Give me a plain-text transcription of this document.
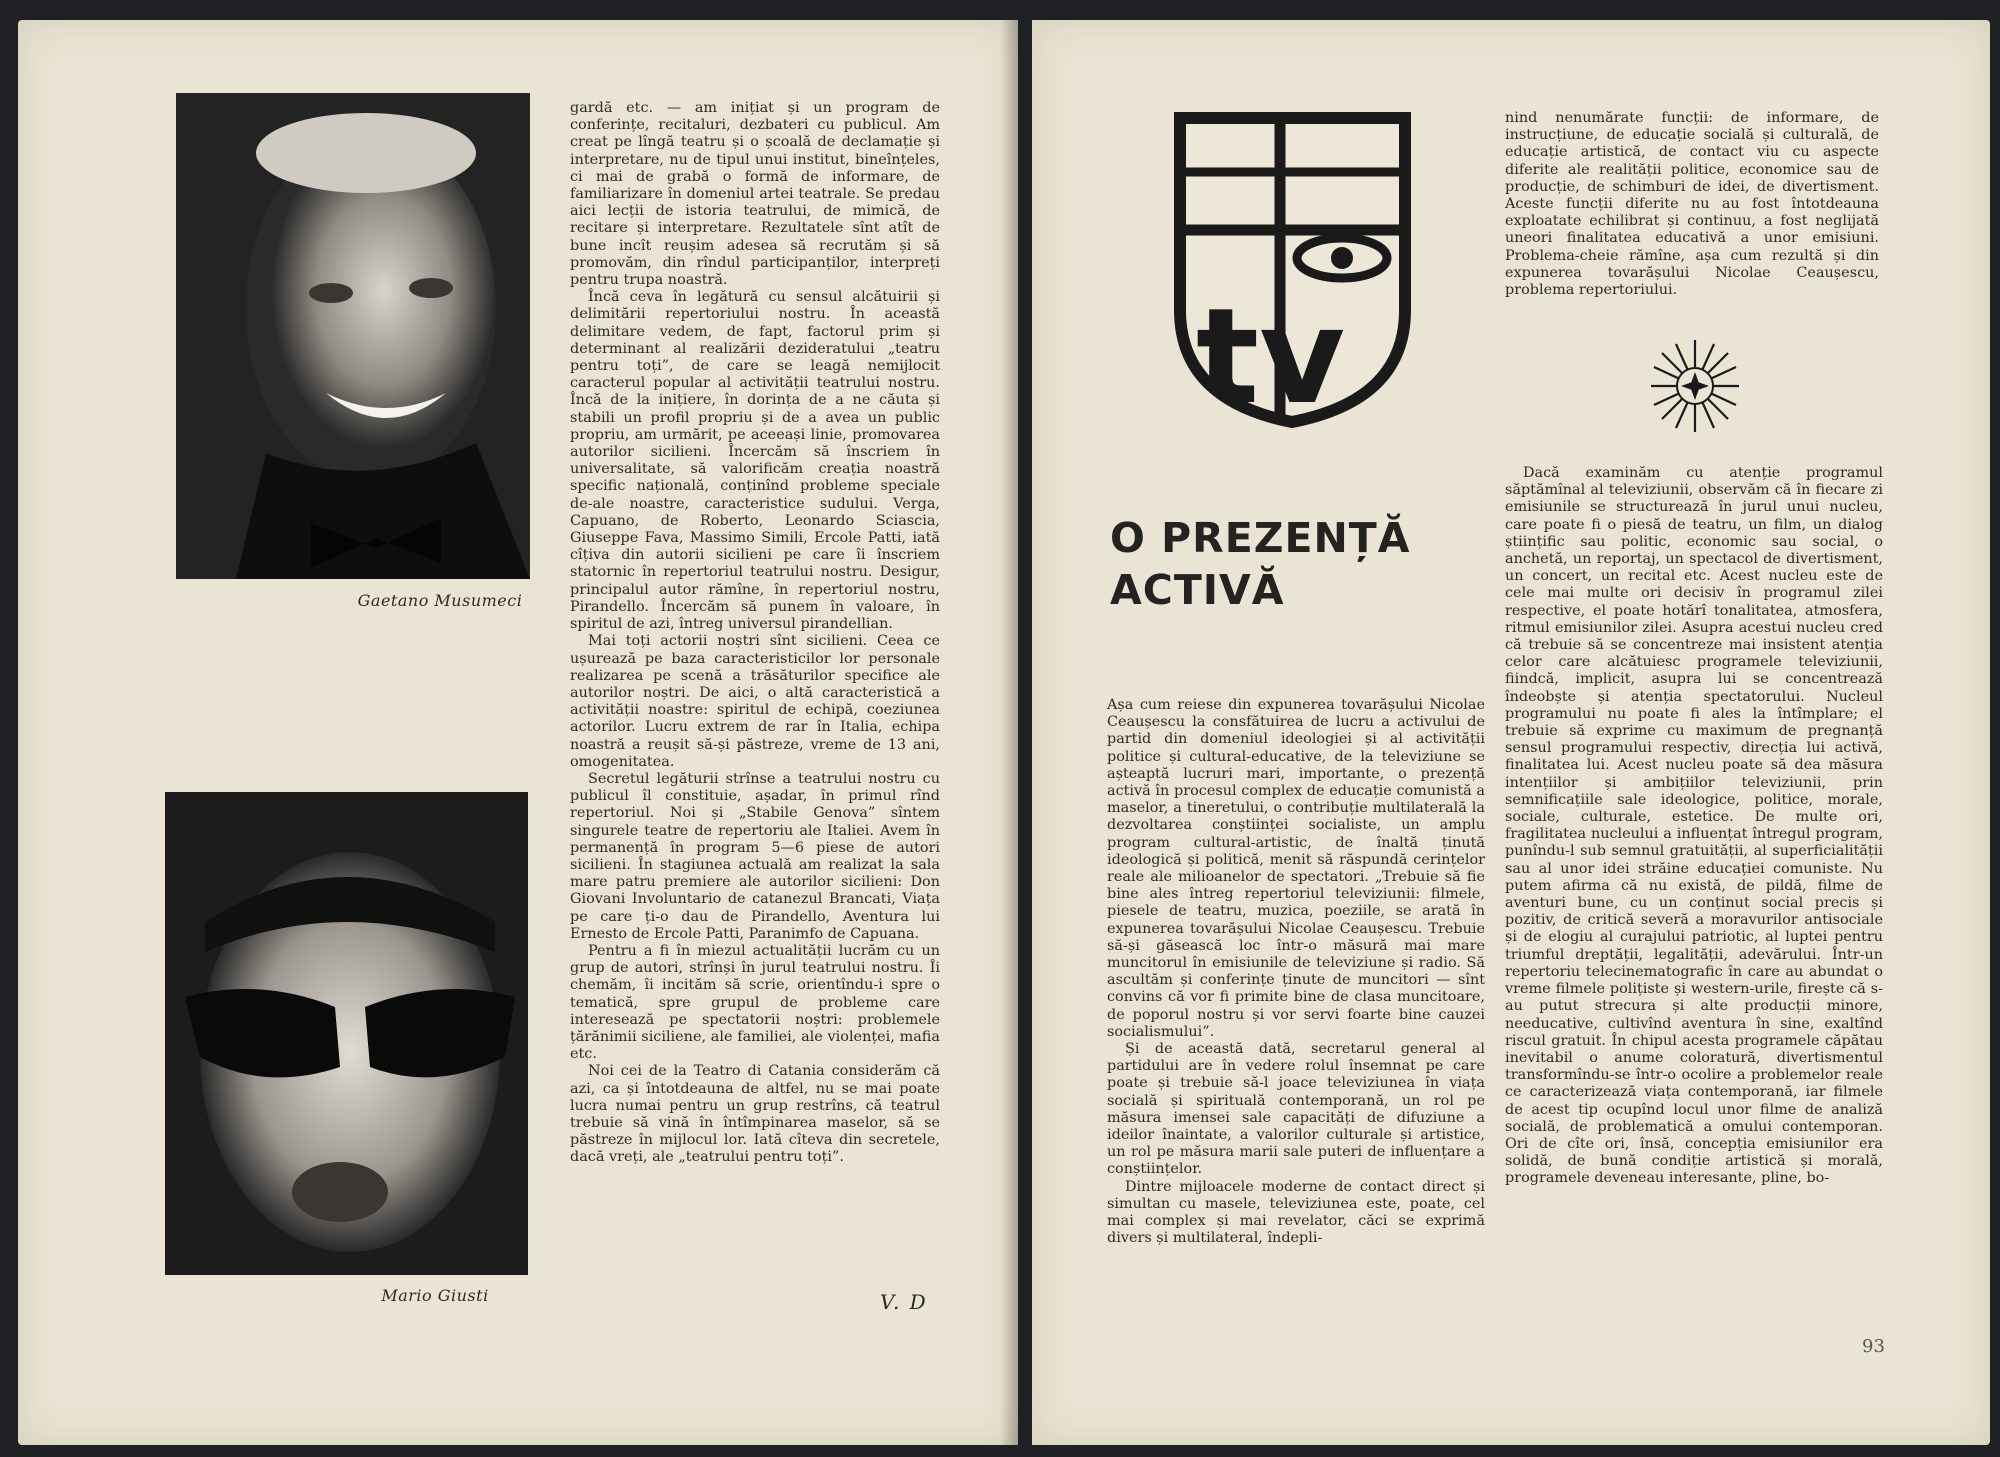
Gaetano Musumeci
Mario Giusti

gardă etc. — am inițiat și un program de conferințe, recitaluri, dezbateri cu publicul. Am creat pe lîngă teatru și o școală de declamație și interpretare, nu de tipul unui institut, bineînțeles, ci mai de grabă o formă de informare, de familiarizare în domeniul artei teatrale. Se predau aici lecții de istoria teatrului, de mimică, de recitare și interpretare. Rezultatele sînt atît de bune incît reușim adesea să recrutăm și să promovăm, din rîndul participanților, interpreți pentru trupa noastră.

Încă ceva în legătură cu sensul alcătuirii și delimitării repertoriului nostru. În această delimitare vedem, de fapt, factorul prim și determinant al realizării dezideratului „teatru pentru toți”, de care se leagă nemijlocit caracterul popular al activității teatrului nostru. Încă de la inițiere, în dorința de a ne căuta și stabili un profil propriu și de a avea un public propriu, am urmărit, pe aceeași linie, promovarea autorilor sicilieni. Încercăm să înscriem în universalitate, să valorificăm creația noastră specific națională, conținînd probleme speciale de-ale noastre, caracteristice sudului. Verga, Capuano, de Roberto, Leonardo Sciascia, Giuseppe Fava, Massimo Simili, Ercole Patti, iată cîțiva din autorii sicilieni pe care îi înscriem statornic în repertoriul teatrului nostru. Desigur, principalul autor rămîne, în repertoriul nostru, Pirandello. Încercăm să punem în valoare, în spiritul de azi, întreg universul pirandellian.

Mai toți actorii noștri sînt sicilieni. Ceea ce ușurează pe baza caracteristicilor lor personale realizarea pe scenă a trăsăturilor specifice ale autorilor noștri. De aici, o altă caracteristică a activității noastre: spiritul de echipă, coeziunea actorilor. Lucru extrem de rar în Italia, echipa noastră a reușit să-și păstreze, vreme de 13 ani, omogenitatea.

Secretul legăturii strînse a teatrului nostru cu publicul îl constituie, așadar, în primul rînd repertoriul. Noi și „Stabile Genova” sîntem singurele teatre de repertoriu ale Italiei. Avem în permanență în program 5—6 piese de autori sicilieni. În stagiunea actuală am realizat la sala mare patru premiere ale autorilor sicilieni: Don Giovani Involuntario de catanezul Brancati, Viața pe care ți-o dau de Pirandello, Aventura lui Ernesto de Ercole Patti, Paranimfo de Capuana.

Pentru a fi în miezul actualității lucrăm cu un grup de autori, strînși în jurul teatrului nostru. Îi chemăm, îi incităm să scrie, orientîndu-i spre o tematică, spre grupul de probleme care interesează pe spectatorii noștri: problemele țărănimii siciliene, ale familiei, ale violenței, mafia etc.

Noi cei de la Teatro di Catania considerăm că azi, ca și întotdeauna de altfel, nu se mai poate lucra numai pentru un grup restrîns, că teatrul trebuie să vină în întîmpinarea maselor, să se păstreze în mijlocul lor. Iată cîteva din secretele, dacă vreți, ale „teatrului pentru toți”.

V. D
tv
O PREZENȚĂ
ACTIVĂ

nind nenumărate funcții: de informare, de instrucțiune, de educație socială și culturală, de educație artistică, de contact viu cu aspecte diferite ale realității politice, economice sau de producție, de schimburi de idei, de divertisment. Aceste funcții diferite nu au fost întotdeauna exploatate echilibrat și continuu, a fost neglijată uneori finalitatea educativă a unor emisiuni. Problema-cheie rămîne, așa cum rezultă și din expunerea tovarășului Nicolae Ceaușescu, problema repertoriului.

Așa cum reiese din expunerea tovarășului Nicolae Ceaușescu la consfătuirea de lucru a activului de partid din domeniul ideologiei și al activității politice și cultural-educative, de la televiziune se așteaptă lucruri mari, importante, o prezență activă în procesul complex de educație comunistă a maselor, a tineretului, o contribuție multilaterală la dezvoltarea conștiinței socialiste, un amplu program cultural-artistic, de înaltă ținută ideologică și politică, menit să răspundă cerințelor reale ale milioanelor de spectatori. „Trebuie să fie bine ales întreg repertoriul televiziunii: filmele, piesele de teatru, muzica, poeziile, se arată în expunerea tovarășului Nicolae Ceaușescu. Trebuie să-și găsească loc într-o măsură mai mare muncitorul în emisiunile de televiziune și radio. Să ascultăm și conferințe ținute de muncitori — sînt convins că vor fi primite bine de clasa muncitoare, de poporul nostru și vor servi foarte bine cauzei socialismului”.

Și de această dată, secretarul general al partidului are în vedere rolul însemnat pe care poate și trebuie să-l joace televiziunea în viața socială și spirituală contemporană, un rol pe măsura imensei sale capacități de difuziune a ideilor înaintate, a valorilor culturale și artistice, un rol pe măsura marii sale puteri de influențare a conștiințelor.

Dintre mijloacele moderne de contact direct și simultan cu masele, televiziunea este, poate, cel mai complex și mai revelator, căci se exprimă divers și multilateral, îndepli-

Dacă examinăm cu atenție programul săptămînal al televiziunii, observăm că în fiecare zi emisiunile se structurează în jurul unui nucleu, care poate fi o piesă de teatru, un film, un dialog științific sau politic, economic sau social, o anchetă, un reportaj, un spectacol de divertisment, un concert, un recital etc. Acest nucleu este de cele mai multe ori decisiv în programul zilei respective, el poate hotărî tonalitatea, atmosfera, ritmul emisiunilor zilei. Asupra acestui nucleu cred că trebuie să se concentreze mai insistent atenția celor care alcătuiesc programele televiziunii, fiindcă, implicit, asupra lui se concentrează îndeobște și atenția spectatorului. Nucleul programului nu poate fi ales la întîmplare; el trebuie să exprime cu maximum de pregnanță sensul programului respectiv, direcția lui activă, finalitatea lui. Acest nucleu poate să dea măsura intențiilor și ambițiilor televiziunii, prin semnificațiile sale ideologice, politice, morale, sociale, culturale, estetice. De multe ori, fragilitatea nucleului a influențat întregul program, punîndu-l sub semnul gratuității, al superficialității sau al unor idei străine educației comuniste. Nu putem afirma că nu există, de pildă, filme de aventuri bune, cu un conținut social precis și pozitiv, de critică severă a moravurilor antisociale și de elogiu al curajului patriotic, al luptei pentru triumful dreptății, legalității, adevărului. Într-un repertoriu telecinematografic în care au abundat o vreme filmele polițiste și western-urile, firește că s-au putut strecura și alte producții minore, needucative, cultivînd aventura în sine, exaltînd riscul gratuit. În chipul acesta programele căpătau inevitabil o anume coloratură, divertismentul transformîndu-se într-o ocolire a problemelor reale ce caracterizează viața contemporană, iar filmele de acest tip ocupînd locul unor filme de analiză socială, de problematică a omului contemporan. Ori de cîte ori, însă, concepția emisiunilor era solidă, de bună condiție artistică și morală, programele deveneau interesante, pline, bo-

93
